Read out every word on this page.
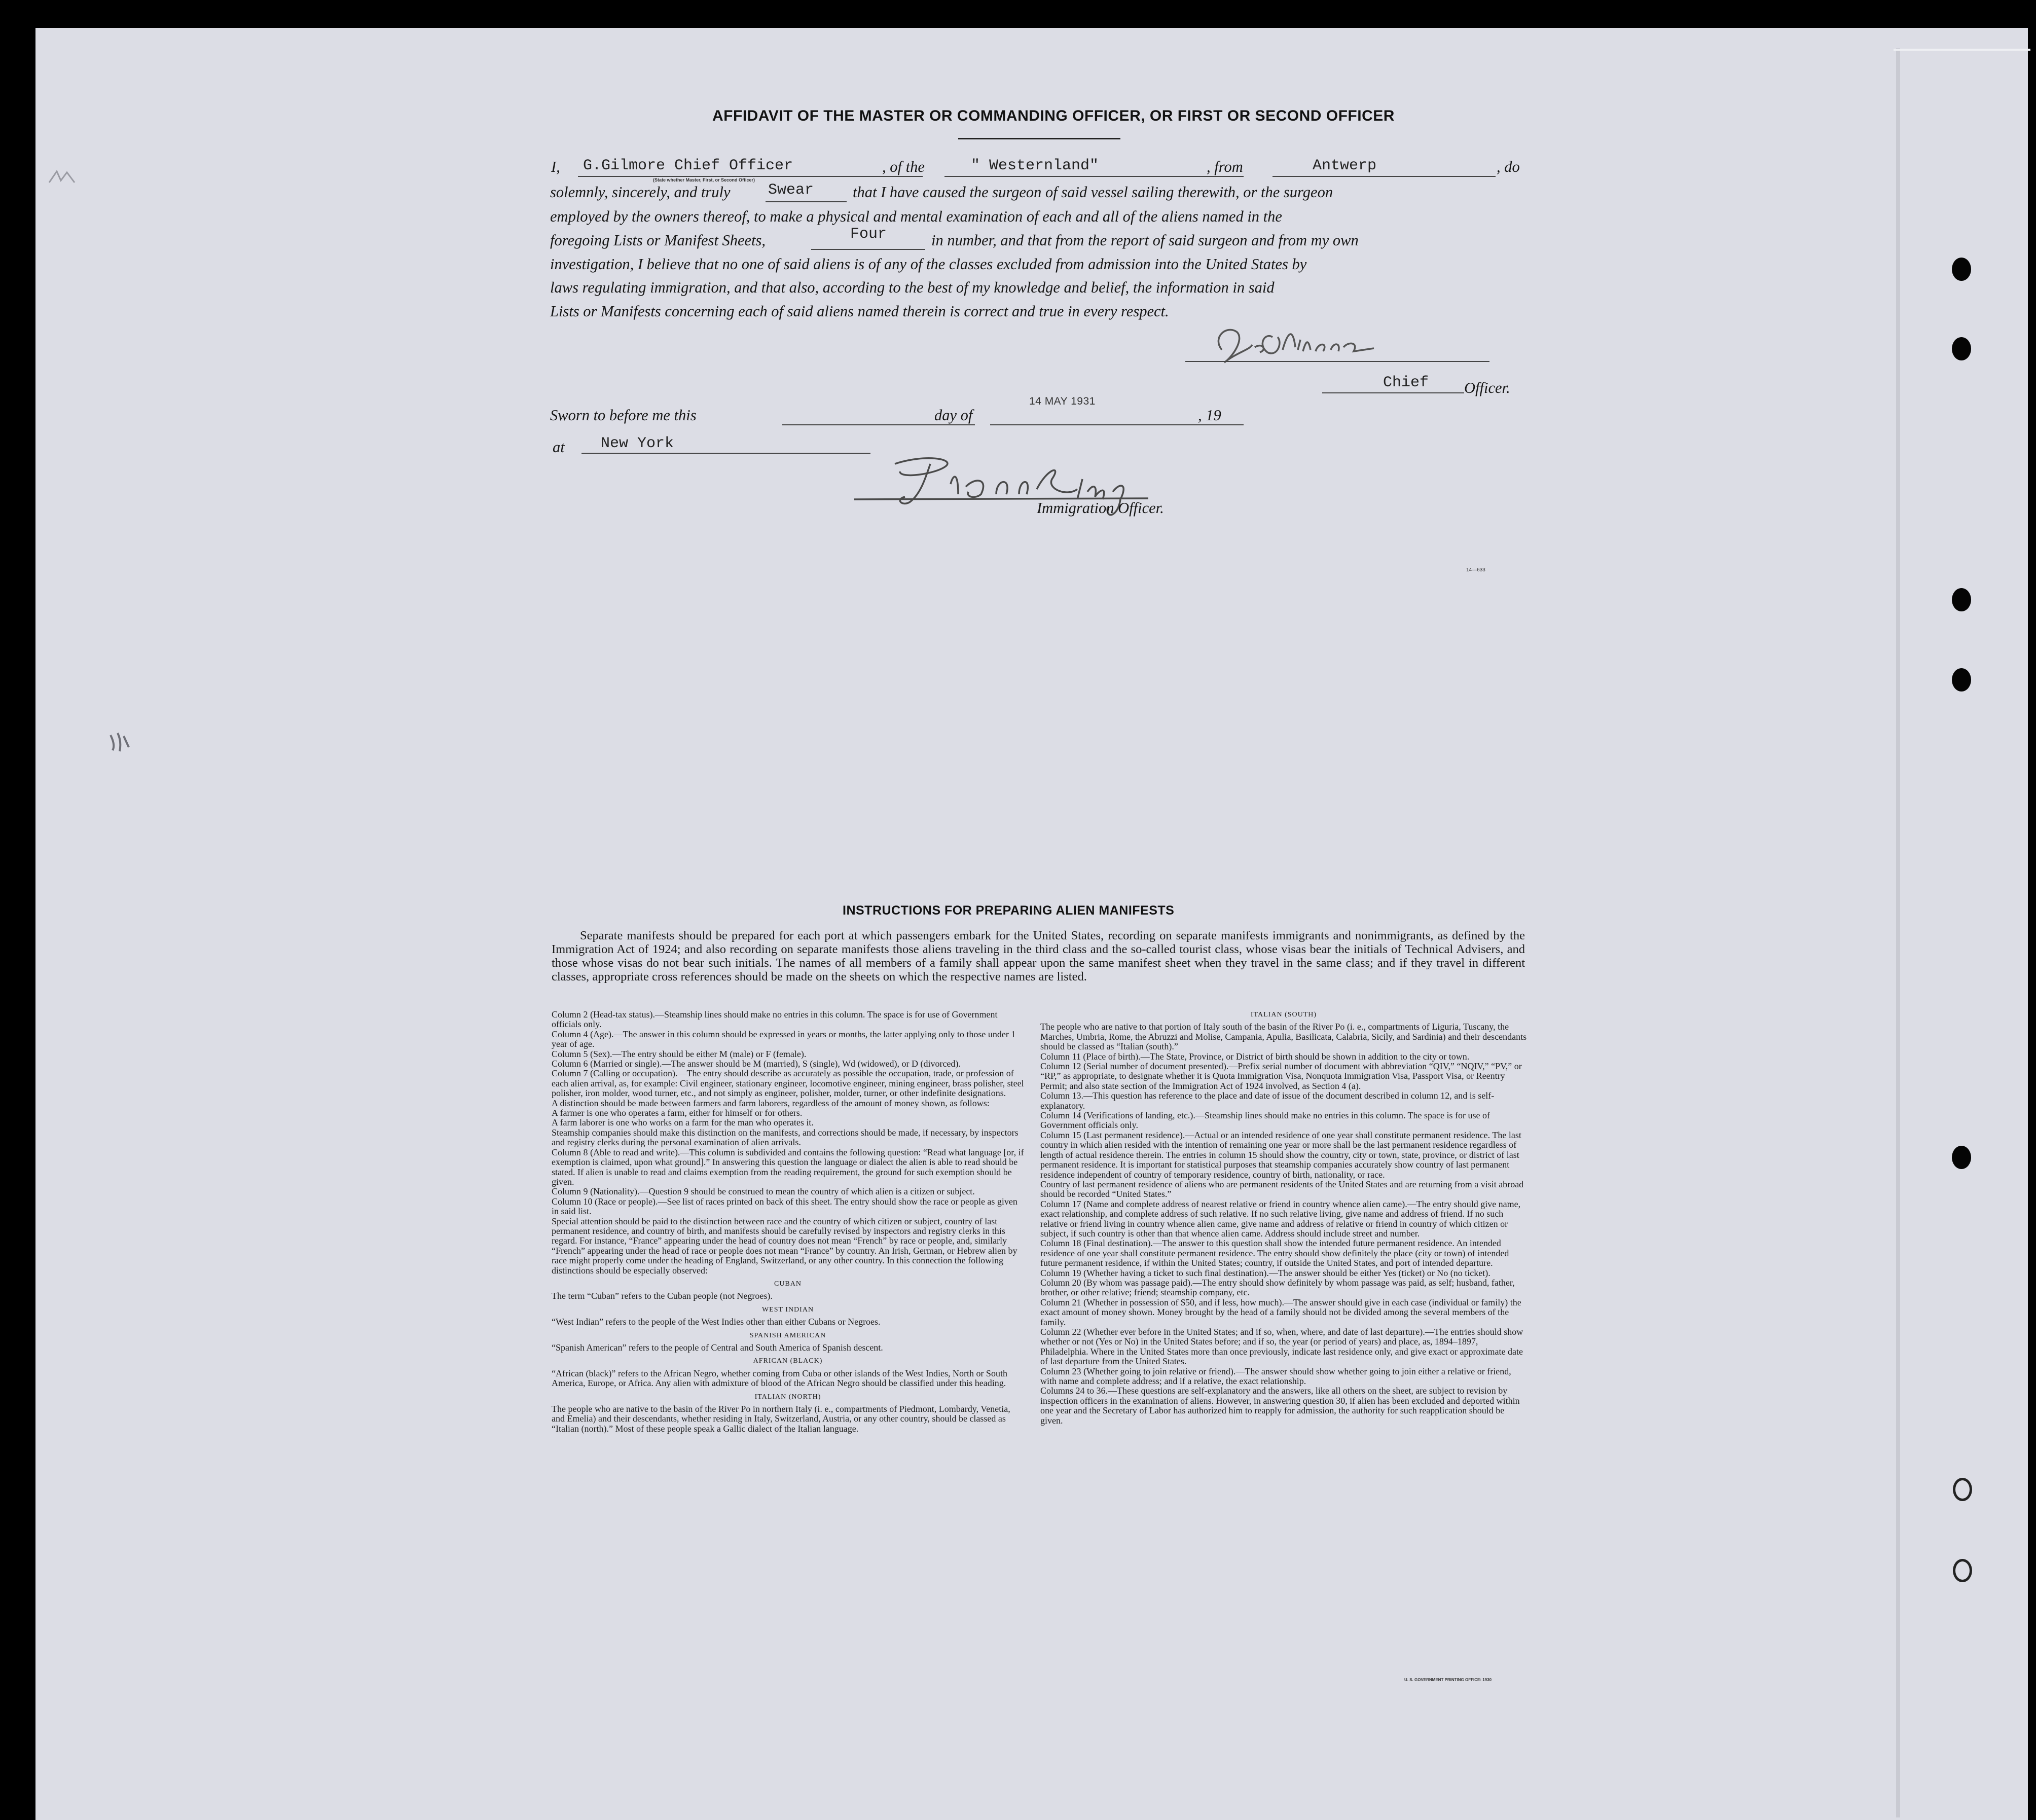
AFFIDAVIT OF THE MASTER OR COMMANDING OFFICER, OR FIRST OR SECOND OFFICER
I, G.Gilmore Chief Officer	, of the	" Westernland"	, from	Antwerp	, do
(State whether Master, First, or Second Officer)
solemnly, sincerely, and truly Swear	that I have caused the surgeon of said vessel sailing therewith, or the surgeon
employed by the owners thereof, to make a physical and mental examination of each and all of the aliens named in the
foregoing Lists or Manifest Sheets,	Four	in number, and that from the report of said surgeon and from my own
investigation, I believe that no one of said aliens is of any of the classes excluded from admission into the United States by
laws regulating immigration, and that also, according to the best of my knowledge and belief, the information in said
Lists or Manifests concerning each of said aliens named therein is correct and true in every respect.
Chief Officer.
Sworn to before me this	day of	, 19
14 MAY 1931
at New York
Immigration Officer.
14—633
INSTRUCTIONS FOR PREPARING ALIEN MANIFESTS

Separate manifests should be prepared for each port at which passengers embark for the United States, recording on separate manifests immigrants and nonimmigrants, as defined by the Immigration Act of 1924; and also recording on separate manifests those aliens traveling in the third class and the so-called tourist class, whose visas bear the initials of Technical Advisers, and those whose visas do not bear such initials. The names of all members of a family shall appear upon the same manifest sheet when they travel in the same class; and if they travel in different classes, appropriate cross references should be made on the sheets on which the respective names are listed.

Column 2 (Head-tax status).—Steamship lines should make no entries in this column. The space is for use of Government officials only.

Column 4 (Age).—The answer in this column should be expressed in years or months, the latter applying only to those under 1 year of age.

Column 5 (Sex).—The entry should be either M (male) or F (female).

Column 6 (Married or single).—The answer should be M (married), S (single), Wd (widowed), or D (divorced).

Column 7 (Calling or occupation).—The entry should describe as accurately as possible the occupation, trade, or profession of each alien arrival, as, for example: Civil engineer, stationary engineer, locomotive engineer, mining engineer, brass polisher, steel polisher, iron molder, wood turner, etc., and not simply as engineer, polisher, molder, turner, or other indefinite designations.

A distinction should be made between farmers and farm laborers, regardless of the amount of money shown, as follows:

A farmer is one who operates a farm, either for himself or for others.

A farm laborer is one who works on a farm for the man who operates it.

Steamship companies should make this distinction on the manifests, and corrections should be made, if necessary, by inspectors and registry clerks during the personal examination of alien arrivals.

Column 8 (Able to read and write).—This column is subdivided and contains the following question: “Read what language [or, if exemption is claimed, upon what ground].” In answering this question the language or dialect the alien is able to read should be stated. If alien is unable to read and claims exemption from the reading requirement, the ground for such exemption should be given.

Column 9 (Nationality).—Question 9 should be construed to mean the country of which alien is a citizen or subject.

Column 10 (Race or people).—See list of races printed on back of this sheet. The entry should show the race or people as given in said list.

Special attention should be paid to the distinction between race and the country of which citizen or subject, country of last permanent residence, and country of birth, and manifests should be carefully revised by inspectors and registry clerks in this regard. For instance, “France” appearing under the head of country does not mean “French” by race or people, and, similarly “French” appearing under the head of race or people does not mean “France” by country. An Irish, German, or Hebrew alien by race might properly come under the heading of England, Switzerland, or any other country. In this connection the following distinctions should be especially observed:

CUBAN

The term “Cuban” refers to the Cuban people (not Negroes).

WEST INDIAN

“West Indian” refers to the people of the West Indies other than either Cubans or Negroes.

SPANISH AMERICAN

“Spanish American” refers to the people of Central and South America of Spanish descent.

AFRICAN (BLACK)

“African (black)” refers to the African Negro, whether coming from Cuba or other islands of the West Indies, North or South America, Europe, or Africa. Any alien with admixture of blood of the African Negro should be classified under this heading.

ITALIAN (NORTH)

The people who are native to the basin of the River Po in northern Italy (i. e., compartments of Piedmont, Lombardy, Venetia, and Emelia) and their descendants, whether residing in Italy, Switzerland, Austria, or any other country, should be classed as “Italian (north).” Most of these people speak a Gallic dialect of the Italian language.

ITALIAN (SOUTH)

The people who are native to that portion of Italy south of the basin of the River Po (i. e., compartments of Liguria, Tuscany, the Marches, Umbria, Rome, the Abruzzi and Molise, Campania, Apulia, Basilicata, Calabria, Sicily, and Sardinia) and their descendants should be classed as “Italian (south).”

Column 11 (Place of birth).—The State, Province, or District of birth should be shown in addition to the city or town.

Column 12 (Serial number of document presented).—Prefix serial number of document with abbreviation “QIV,” “NQIV,” “PV,” or “RP,” as appropriate, to designate whether it is Quota Immigration Visa, Nonquota Immigration Visa, Passport Visa, or Reentry Permit; and also state section of the Immigration Act of 1924 involved, as Section 4 (a).

Column 13.—This question has reference to the place and date of issue of the document described in column 12, and is self-explanatory.

Column 14 (Verifications of landing, etc.).—Steamship lines should make no entries in this column. The space is for use of Government officials only.

Column 15 (Last permanent residence).—Actual or an intended residence of one year shall constitute permanent residence. The last country in which alien resided with the intention of remaining one year or more shall be the last permanent residence regardless of length of actual residence therein. The entries in column 15 should show the country, city or town, state, province, or district of last permanent residence. It is important for statistical purposes that steamship companies accurately show country of last permanent residence independent of country of temporary residence, country of birth, nationality, or race.

Country of last permanent residence of aliens who are permanent residents of the United States and are returning from a visit abroad should be recorded “United States.”

Column 17 (Name and complete address of nearest relative or friend in country whence alien came).—The entry should give name, exact relationship, and complete address of such relative. If no such relative living, give name and address of friend. If no such relative or friend living in country whence alien came, give name and address of relative or friend in country of which citizen or subject, if such country is other than that whence alien came. Address should include street and number.

Column 18 (Final destination).—The answer to this question shall show the intended future permanent residence. An intended residence of one year shall constitute permanent residence. The entry should show definitely the place (city or town) of intended future permanent residence, if within the United States; country, if outside the United States, and port of intended departure.

Column 19 (Whether having a ticket to such final destination).—The answer should be either Yes (ticket) or No (no ticket).

Column 20 (By whom was passage paid).—The entry should show definitely by whom passage was paid, as self; husband, father, brother, or other relative; friend; steamship company, etc.

Column 21 (Whether in possession of $50, and if less, how much).—The answer should give in each case (individual or family) the exact amount of money shown. Money brought by the head of a family should not be divided among the several members of the family.

Column 22 (Whether ever before in the United States; and if so, when, where, and date of last departure).—The entries should show whether or not (Yes or No) in the United States before; and if so, the year (or period of years) and place, as, 1894–1897, Philadelphia. Where in the United States more than once previously, indicate last residence only, and give exact or approximate date of last departure from the United States.

Column 23 (Whether going to join relative or friend).—The answer should show whether going to join either a relative or friend, with name and complete address; and if a relative, the exact relationship.

Columns 24 to 36.—These questions are self-explanatory and the answers, like all others on the sheet, are subject to revision by inspection officers in the examination of aliens. However, in answering question 30, if alien has been excluded and deported within one year and the Secretary of Labor has authorized him to reapply for admission, the authority for such reapplication should be given.

U. S. GOVERNMENT PRINTING OFFICE: 1930
